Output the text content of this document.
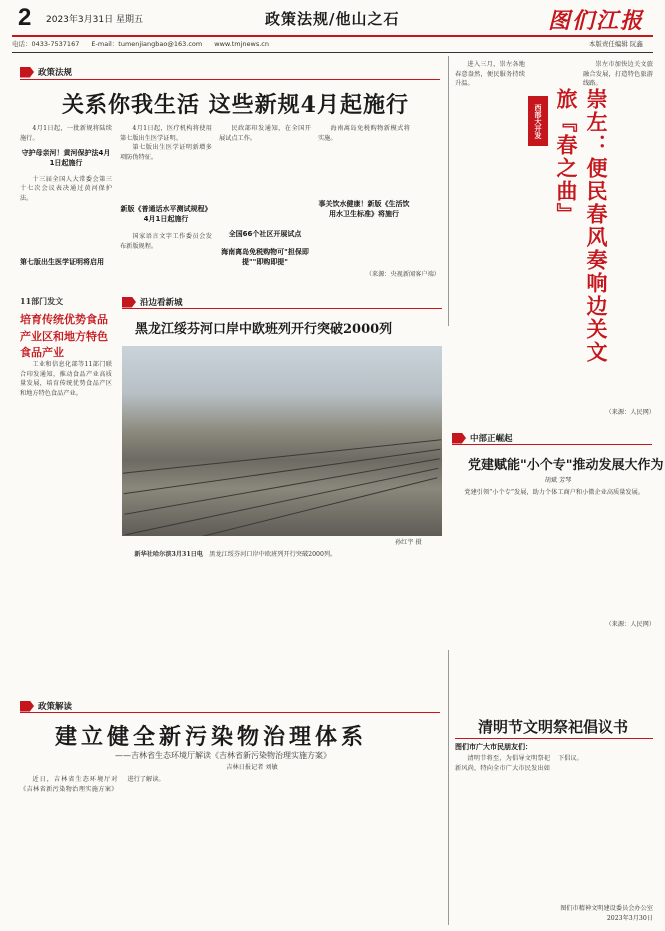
2 2023年3月31日 星期五	政策法规/他山之石	图们江报
电话：0433-7537167 E-mail：tumenjiangbao@163.com www.tmjnews.cn	本版责任编辑 阮鑫
政策法规
关系你我生活 这些新规4月起施行

4月1日起，一批新规将陆续施行。

守护母亲河！黄河保护法4月1日起施行

十三届全国人大常委会第三十七次会议表决通过黄河保护法。

第七版出生医学证明将启用

4月1日起，医疗机构将使用第七版出生医学证明。

第七版出生医学证明新增多项防伪特征。

新版《普通话水平测试规程》4月1日起施行

国家语言文字工作委员会发布新版规程。

民政部印发通知，在全国开展试点工作。

全国66个社区开展试点
海南离岛免税购物可"担保即提""即购即提"

海南离岛免税购物新模式将实施。

事关饮水健康！新版《生活饮用水卫生标准》将施行
（来源：央视新闻客户端）
西部大开发	崇左：便民春风奏响边关文旅『春之曲』

进入三月，崇左各地春意盎然，便民服务持续升温。

崇左市加快边关文旅融合发展，打造特色旅游线路。

（来源：人民网）
11部门发文
培育传统优势食品产业区和地方特色食品产业

工业和信息化部等11部门联合印发通知，推动食品产业高质量发展，培育传统优势食品产区和地方特色食品产业。

沿边看新城
黑龙江绥芬河口岸中欧班列开行突破2000列
孙红宇 摄

新华社哈尔滨3月31日电　黑龙江绥芬河口岸中欧班列开行突破2000列。

中部正崛起
党建赋能"小个专"推动发展大作为
胡斌 芳琴

党建引领“小个专”发展，助力个体工商户和小微企业高质量发展。

（来源：人民网）
政策解读
建立健全新污染物治理体系
——吉林省生态环境厅解读《吉林省新污染物治理实施方案》
吉林日报记者 刘敏

近日，吉林省生态环境厅对《吉林省新污染物治理实施方案》进行了解读。

清明节文明祭祀倡议书
图们市广大市民朋友们：

清明节将至，为倡导文明祭祀新风尚，特向全市广大市民发出如下倡议。

图们市精神文明建设委员会办公室
2023年3月30日
